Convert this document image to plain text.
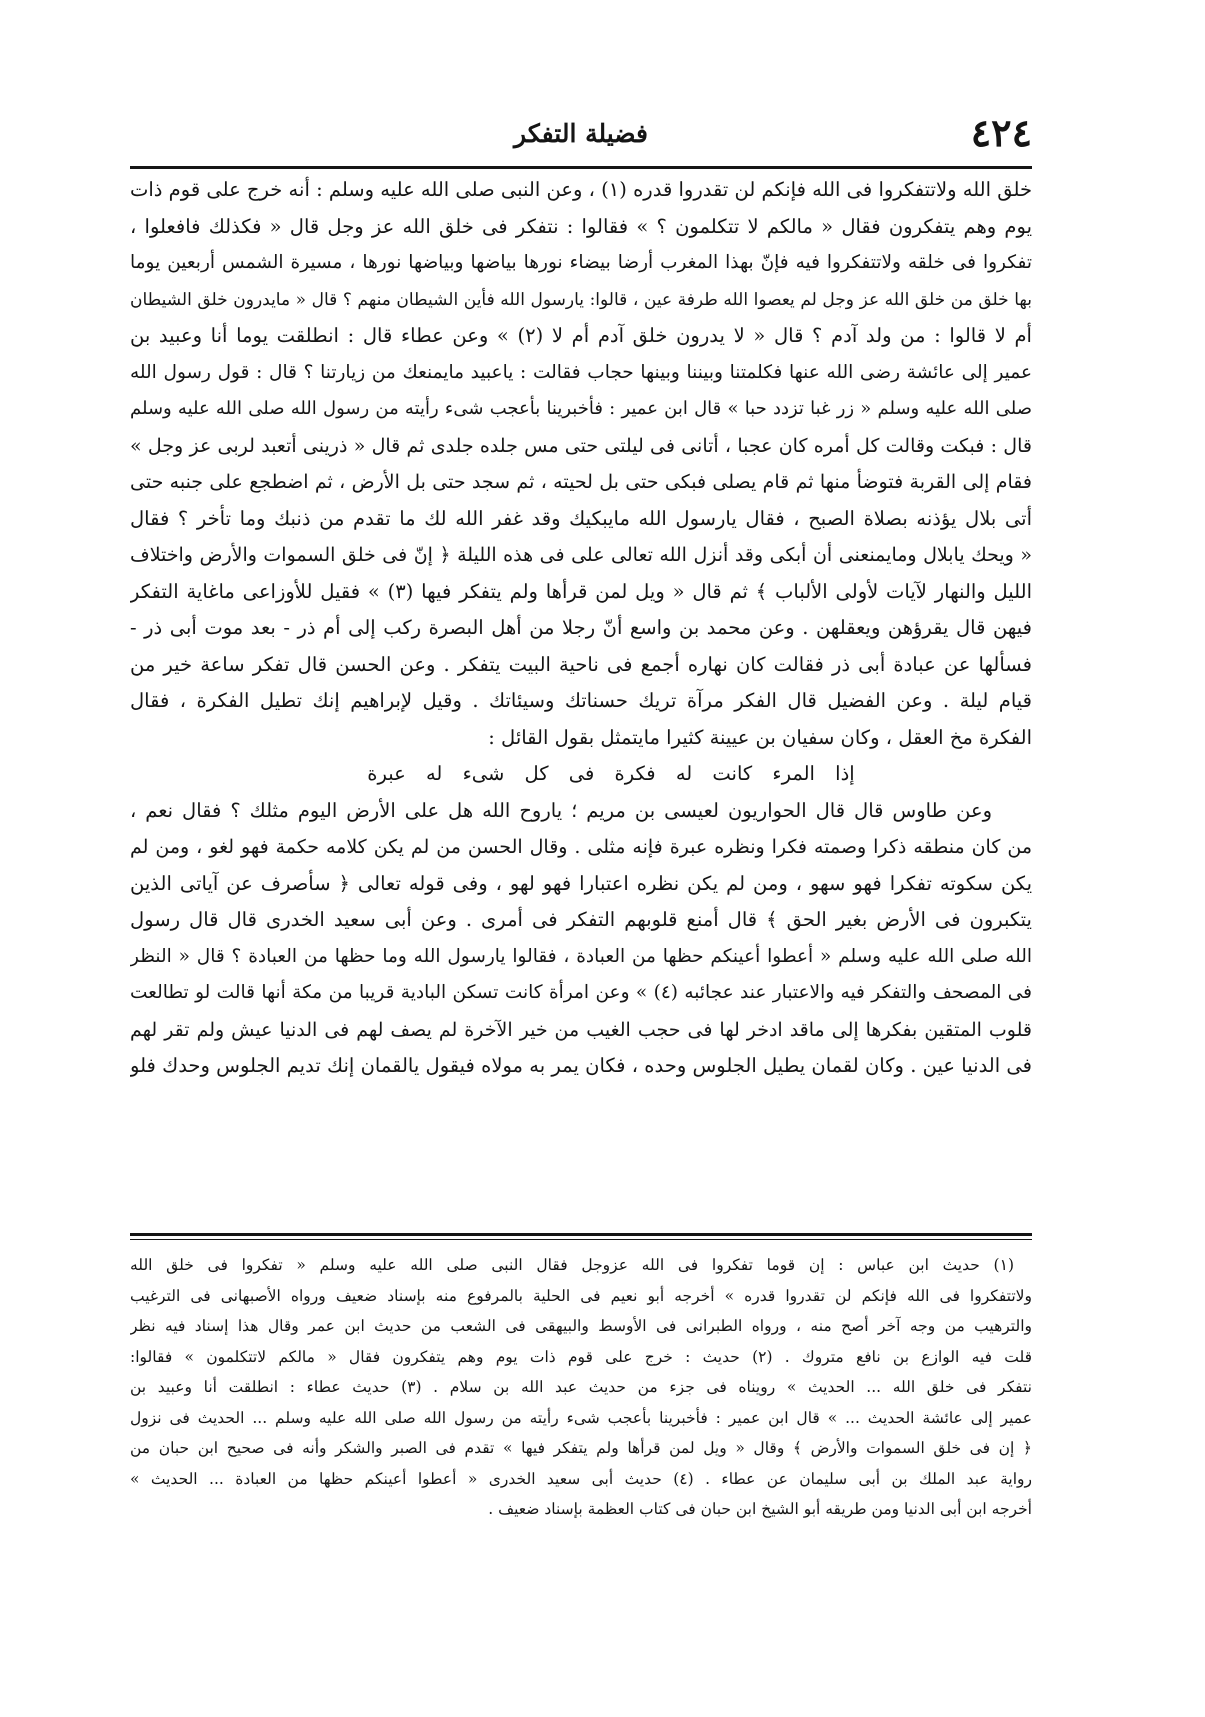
٤٢٤
فضيلة التفكر
خلق الله ولاتتفكروا فى الله فإنكم لن تقدروا قدره (١) ، وعن النبى صلى الله عليه وسلم : أنه خرج على قوم ذات
يوم وهم يتفكرون فقال « مالكم لا تتكلمون ؟ » فقالوا : نتفكر فى خلق الله عز وجل قال « فكذلك فافعلوا ،
تفكروا فى خلقه ولاتتفكروا فيه فإنّ بهذا المغرب أرضا بيضاء نورها بياضها وبياضها نورها ، مسيرة الشمس أربعين يوما
بها خلق من خلق الله عز وجل لم يعصوا الله طرفة عين ، قالوا: يارسول الله فأين الشيطان منهم ؟ قال « مايدرون خلق الشيطان
أم لا قالوا : من ولد آدم ؟ قال « لا يدرون خلق آدم أم لا (٢) » وعن عطاء قال : انطلقت يوما أنا وعبيد بن
عمير إلى عائشة رضى الله عنها فكلمتنا وبيننا وبينها حجاب فقالت : ياعبيد مايمنعك من زيارتنا ؟ قال : قول رسول الله
صلى الله عليه وسلم « زر غبا تزدد حبا » قال ابن عمير : فأخبرينا بأعجب شىء رأيته من رسول الله صلى الله عليه وسلم
قال : فبكت وقالت كل أمره كان عجبا ، أتانى فى ليلتى حتى مس جلده جلدى ثم قال « ذرينى أتعبد لربى عز وجل »
فقام إلى القربة فتوضأ منها ثم قام يصلى فبكى حتى بل لحيته ، ثم سجد حتى بل الأرض ، ثم اضطجع على جنبه حتى
أتى بلال يؤذنه بصلاة الصبح ، فقال يارسول الله مايبكيك وقد غفر الله لك ما تقدم من ذنبك وما تأخر ؟ فقال
« ويحك يابلال ومايمنعنى أن أبكى وقد أنزل الله تعالى على فى هذه الليلة ﴿ إنّ فى خلق السموات والأرض واختلاف
الليل والنهار لآيات لأولى الألباب ﴾ ثم قال « ويل لمن قرأها ولم يتفكر فيها (٣) » فقيل للأوزاعى ماغاية التفكر
فيهن قال يقرؤهن ويعقلهن . وعن محمد بن واسع أنّ رجلا من أهل البصرة ركب إلى أم ذر - بعد موت أبى ذر -
فسألها عن عبادة أبى ذر فقالت كان نهاره أجمع فى ناحية البيت يتفكر . وعن الحسن قال تفكر ساعة خير من
قيام ليلة . وعن الفضيل قال الفكر مرآة تريك حسناتك وسيئاتك . وقيل لإبراهيم إنك تطيل الفكرة ، فقال
الفكرة مخ العقل ، وكان سفيان بن عيينة كثيرا مايتمثل بقول القائل :
إذا المرء كانت له فكرة فى كل شىء له عبرة
وعن طاوس قال قال الحواريون لعيسى بن مريم ؛ ياروح الله هل على الأرض اليوم مثلك ؟ فقال نعم ،
من كان منطقه ذكرا وصمته فكرا ونظره عبرة فإنه مثلى . وقال الحسن من لم يكن كلامه حكمة فهو لغو ، ومن لم
يكن سكوته تفكرا فهو سهو ، ومن لم يكن نظره اعتبارا فهو لهو ، وفى قوله تعالى ﴿ سأصرف عن آياتى الذين
يتكبرون فى الأرض بغير الحق ﴾ قال أمنع قلوبهم التفكر فى أمرى . وعن أبى سعيد الخدرى قال قال رسول
الله صلى الله عليه وسلم « أعطوا أعينكم حظها من العبادة ، فقالوا يارسول الله وما حظها من العبادة ؟ قال « النظر
فى المصحف والتفكر فيه والاعتبار عند عجائبه (٤) » وعن امرأة كانت تسكن البادية قريبا من مكة أنها قالت لو تطالعت
قلوب المتقين بفكرها إلى ماقد ادخر لها فى حجب الغيب من خير الآخرة لم يصف لهم فى الدنيا عيش ولم تقر لهم
فى الدنيا عين . وكان لقمان يطيل الجلوس وحده ، فكان يمر به مولاه فيقول يالقمان إنك تديم الجلوس وحدك فلو
(١) حديث ابن عباس : إن قوما تفكروا فى الله عزوجل فقال النبى صلى الله عليه وسلم « تفكروا فى خلق الله
ولاتتفكروا فى الله فإنكم لن تقدروا قدره » أخرجه أبو نعيم فى الحلية بالمرفوع منه بإسناد ضعيف ورواه الأصبهانى فى الترغيب
والترهيب من وجه آخر أصح منه ، ورواه الطبرانى فى الأوسط والبيهقى فى الشعب من حديث ابن عمر وقال هذا إسناد فيه نظر
قلت فيه الوازع بن نافع متروك . (٢) حديث : خرج على قوم ذات يوم وهم يتفكرون فقال « مالكم لاتتكلمون » فقالوا:
نتفكر فى خلق الله ... الحديث » رويناه فى جزء من حديث عبد الله بن سلام . (٣) حديث عطاء : انطلقت أنا وعبيد بن
عمير إلى عائشة الحديث ... » قال ابن عمير : فأخبرينا بأعجب شىء رأيته من رسول الله صلى الله عليه وسلم ... الحديث فى نزول
﴿ إن فى خلق السموات والأرض ﴾ وقال « ويل لمن قرأها ولم يتفكر فيها » تقدم فى الصبر والشكر وأنه فى صحيح ابن حبان من
رواية عبد الملك بن أبى سليمان عن عطاء . (٤) حديث أبى سعيد الخدرى « أعطوا أعينكم حظها من العبادة ... الحديث »
أخرجه ابن أبى الدنيا ومن طريقه أبو الشيخ ابن حبان فى كتاب العظمة بإسناد ضعيف .
